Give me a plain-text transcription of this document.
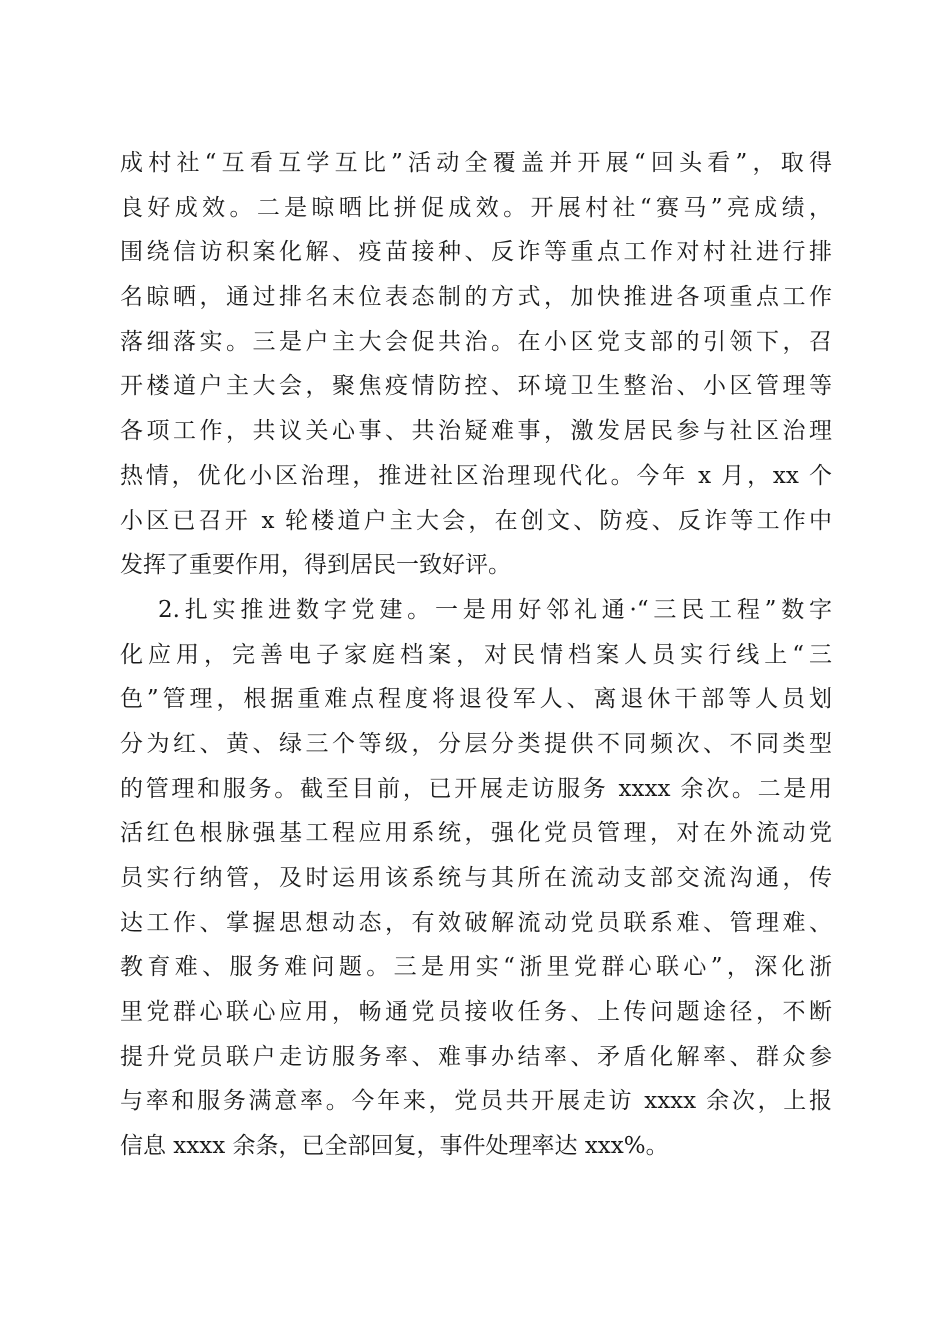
成村社“互看互学互比”活动全覆盖并开展“回头看”，取得
良好成效。二是晾晒比拼促成效。开展村社“赛马”亮成绩，
围绕信访积案化解、疫苗接种、反诈等重点工作对村社进行排
名晾晒，通过排名末位表态制的方式，加快推进各项重点工作
落细落实。三是户主大会促共治。在小区党支部的引领下，召
开楼道户主大会，聚焦疫情防控、环境卫生整治、小区管理等
各项工作，共议关心事、共治疑难事，激发居民参与社区治理
热情，优化小区治理，推进社区治理现代化。今年 x 月，xx 个
小区已召开 x 轮楼道户主大会，在创文、防疫、反诈等工作中
发挥了重要作用，得到居民一致好评。
2.扎实推进数字党建。一是用好邻礼通·“三民工程”数字
化应用，完善电子家庭档案，对民情档案人员实行线上“三
色”管理，根据重难点程度将退役军人、离退休干部等人员划
分为红、黄、绿三个等级，分层分类提供不同频次、不同类型
的管理和服务。截至目前，已开展走访服务 xxxx 余次。二是用
活红色根脉强基工程应用系统，强化党员管理，对在外流动党
员实行纳管，及时运用该系统与其所在流动支部交流沟通，传
达工作、掌握思想动态，有效破解流动党员联系难、管理难、
教育难、服务难问题。三是用实“浙里党群心联心”，深化浙
里党群心联心应用，畅通党员接收任务、上传问题途径，不断
提升党员联户走访服务率、难事办结率、矛盾化解率、群众参
与率和服务满意率。今年来，党员共开展走访 xxxx 余次，上报
信息 xxxx 余条，已全部回复，事件处理率达 xxx%。
